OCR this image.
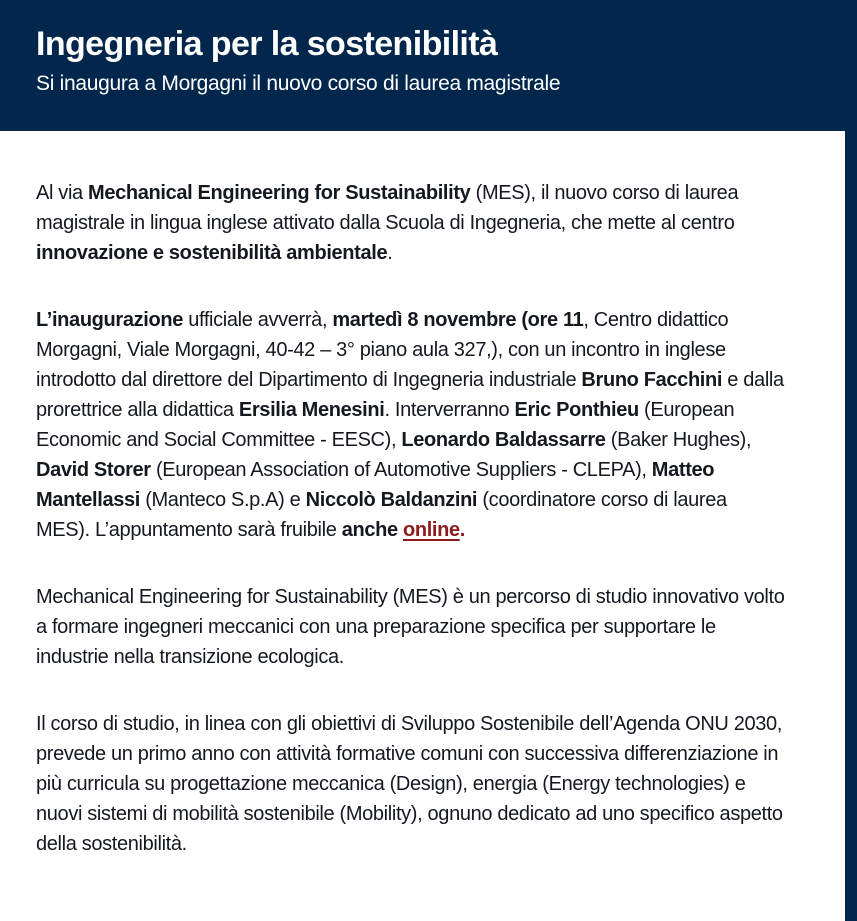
Ingegneria per la sostenibilità

Si inaugura a Morgagni il nuovo corso di laurea magistrale

Al via Mechanical Engineering for Sustainability (MES), il nuovo corso di laurea magistrale in lingua inglese attivato dalla Scuola di Ingegneria, che mette al centro innovazione e sostenibilità ambientale.

L’inaugurazione ufficiale avverrà, martedì 8 novembre (ore 11, Centro didattico Morgagni, Viale Morgagni, 40-42 – 3° piano aula 327,), con un incontro in inglese introdotto dal direttore del Dipartimento di Ingegneria industriale Bruno Facchini e dalla prorettrice alla didattica Ersilia Menesini. Interverranno Eric Ponthieu (European Economic and Social Committee - EESC), Leonardo Baldassarre (Baker Hughes), David Storer (European Association of Automotive Suppliers - CLEPA), Matteo Mantellassi (Manteco S.p.A) e Niccolò Baldanzini (coordinatore corso di laurea MES). L’appuntamento sarà fruibile anche online.

Mechanical Engineering for Sustainability (MES) è un percorso di studio innovativo volto a formare ingegneri meccanici con una preparazione specifica per supportare le industrie nella transizione ecologica.

Il corso di studio, in linea con gli obiettivi di Sviluppo Sostenibile dell’Agenda ONU 2030, prevede un primo anno con attività formative comuni con successiva differenziazione in più curricula su progettazione meccanica (Design), energia (Energy technologies) e nuovi sistemi di mobilità sostenibile (Mobility), ognuno dedicato ad uno specifico aspetto della sostenibilità.
